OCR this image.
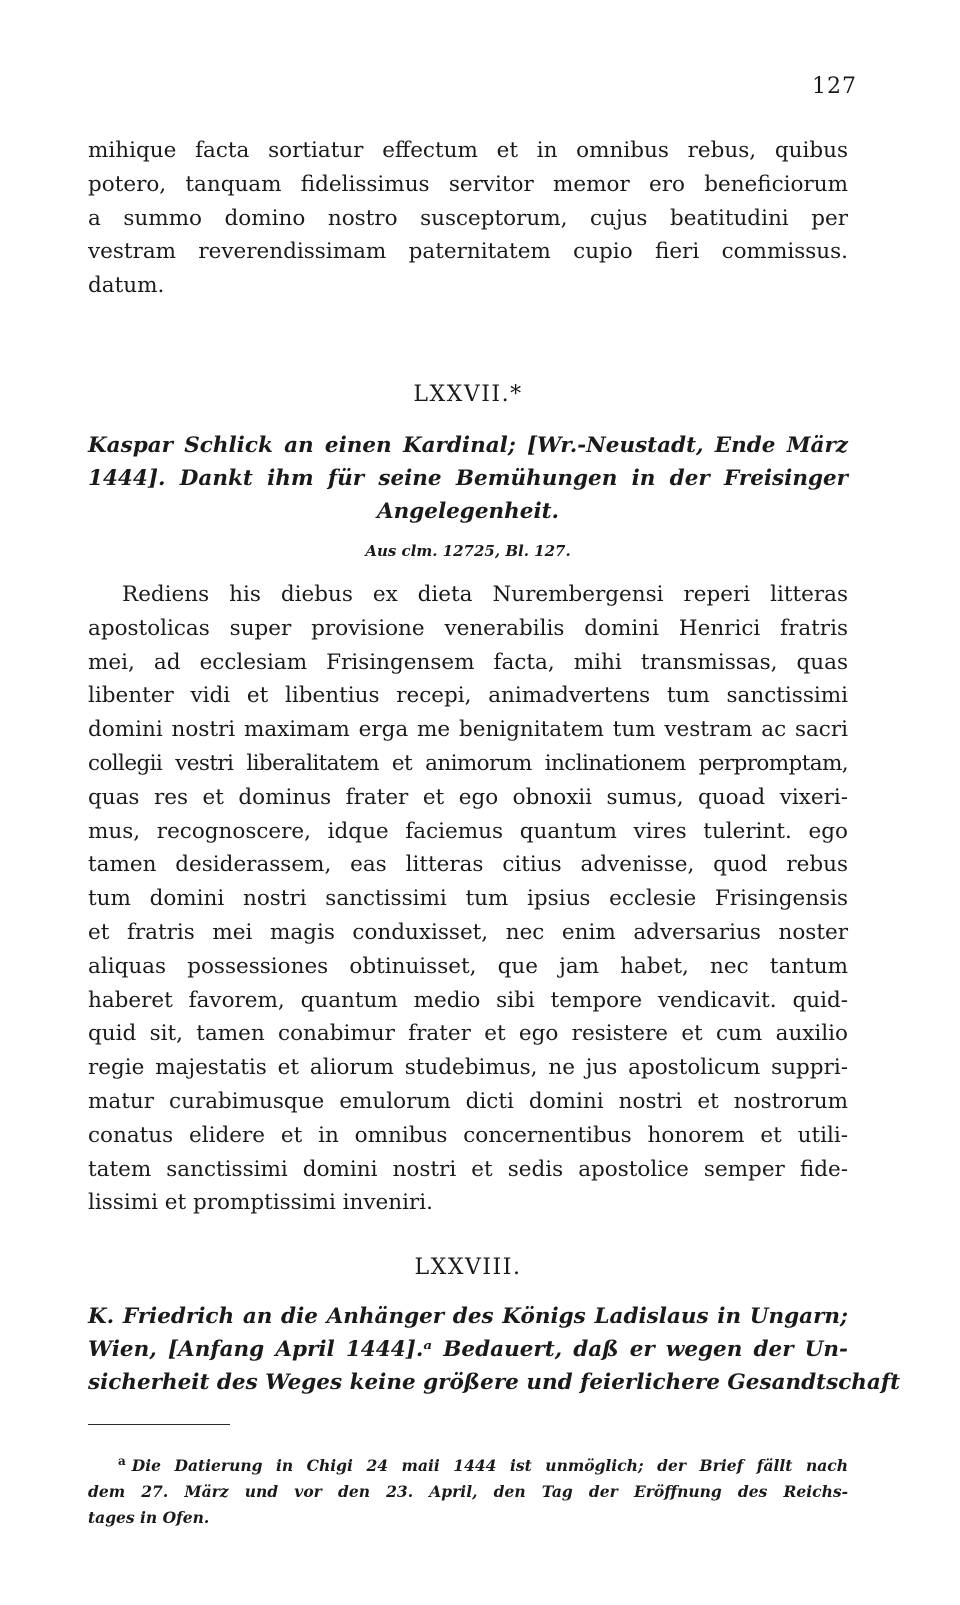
127
mihique facta sortiatur effectum et in omnibus rebus, quibus
potero, tanquam fidelissimus servitor memor ero beneficiorum
a summo domino nostro susceptorum, cujus beatitudini per
vestram reverendissimam paternitatem cupio fieri commissus.
datum.

LXXVII.*

Kaspar Schlick an einen Kardinal; [Wr.-Neustadt, Ende März
1444]. Dankt ihm für seine Bemühungen in der Freisinger
Angelegenheit.
Aus clm. 12725, Bl. 127.
Rediens his diebus ex dieta Nurembergensi reperi litteras
apostolicas super provisione venerabilis domini Henrici fratris
mei, ad ecclesiam Frisingensem facta, mihi transmissas, quas
libenter vidi et libentius recepi, animadvertens tum sanctissimi
domini nostri maximam erga me benignitatem tum vestram ac sacri
collegii vestri liberalitatem et animorum inclinationem perpromptam,
quas res et dominus frater et ego obnoxii sumus, quoad vixeri-
mus, recognoscere, idque faciemus quantum vires tulerint. ego
tamen desiderassem, eas litteras citius advenisse, quod rebus
tum domini nostri sanctissimi tum ipsius ecclesie Frisingensis
et fratris mei magis conduxisset, nec enim adversarius noster
aliquas possessiones obtinuisset, que jam habet, nec tantum
haberet favorem, quantum medio sibi tempore vendicavit. quid-
quid sit, tamen conabimur frater et ego resistere et cum auxilio
regie majestatis et aliorum studebimus, ne jus apostolicum suppri-
matur curabimusque emulorum dicti domini nostri et nostrorum
conatus elidere et in omnibus concernentibus honorem et utili-
tatem sanctissimi domini nostri et sedis apostolice semper fide-
lissimi et promptissimi inveniri.

LXXVIII.

K. Friedrich an die Anhänger des Königs Ladislaus in Ungarn;
Wien, [Anfang April 1444].ᵃ Bedauert, daß er wegen der Un-
sicherheit des Weges keine größere und feierlichere Gesandtschaft
$^a$ Die Datierung in Chigi 24 maii 1444 ist unmöglich; der Brief fällt nach
dem 27. März und vor den 23. April, den Tag der Eröffnung des Reichs-
tages in Ofen.
